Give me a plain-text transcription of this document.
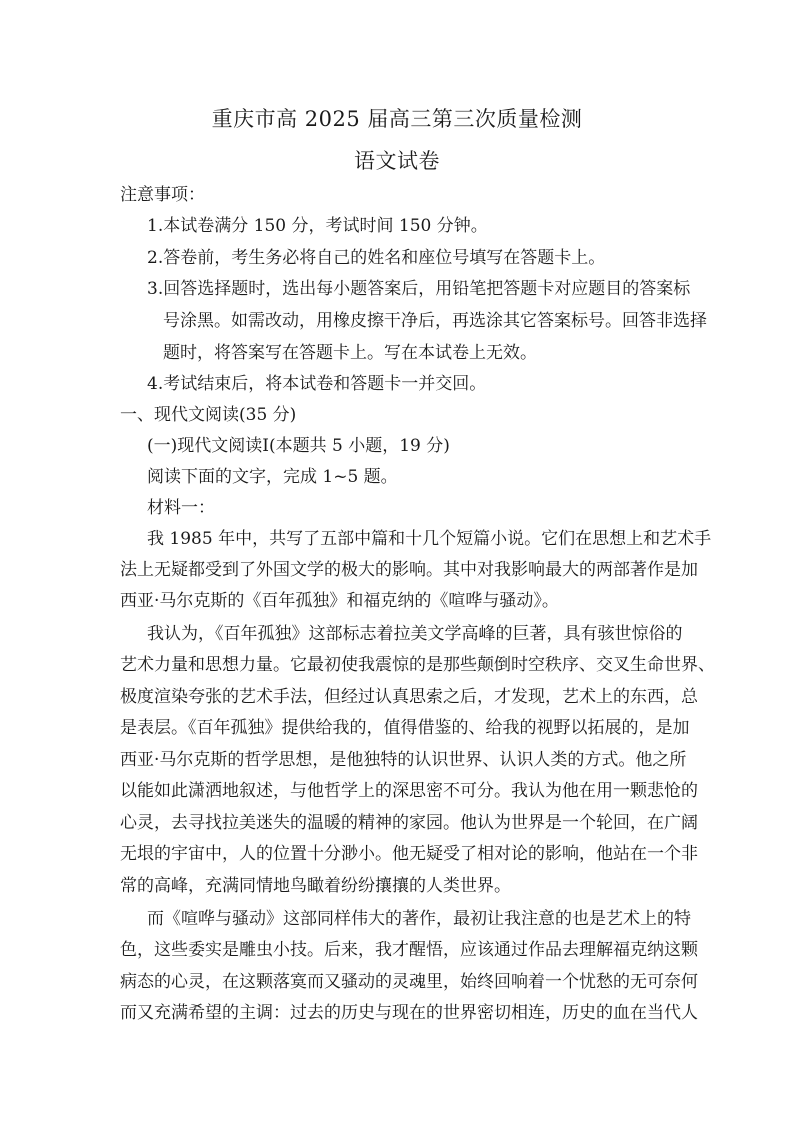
重庆市高 2025 届高三第三次质量检测
语文试卷
注意事项：
1.本试卷满分 150 分，考试时间 150 分钟。
2.答卷前，考生务必将自己的姓名和座位号填写在答题卡上。
3.回答选择题时，选出每小题答案后，用铅笔把答题卡对应题目的答案标
号涂黑。如需改动，用橡皮擦干净后，再选涂其它答案标号。回答非选择
题时，将答案写在答题卡上。写在本试卷上无效。
4.考试结束后，将本试卷和答题卡一并交回。
一、现代文阅读(35 分)
(一)现代文阅读Ⅰ(本题共 5 小题，19 分)
阅读下面的文字，完成 1~5 题。
材料一：
我 1985 年中，共写了五部中篇和十几个短篇小说。它们在思想上和艺术手
法上无疑都受到了外国文学的极大的影响。其中对我影响最大的两部著作是加
西亚·马尔克斯的《百年孤独》和福克纳的《喧哗与骚动》。
我认为，《百年孤独》这部标志着拉美文学高峰的巨著，具有骇世惊俗的
艺术力量和思想力量。它最初使我震惊的是那些颠倒时空秩序、交叉生命世界、
极度渲染夸张的艺术手法，但经过认真思索之后，才发现，艺术上的东西，总
是表层。《百年孤独》提供给我的，值得借鉴的、给我的视野以拓展的，是加
西亚·马尔克斯的哲学思想，是他独特的认识世界、认识人类的方式。他之所
以能如此潇洒地叙述，与他哲学上的深思密不可分。我认为他在用一颗悲怆的
心灵，去寻找拉美迷失的温暖的精神的家园。他认为世界是一个轮回，在广阔
无垠的宇宙中，人的位置十分渺小。他无疑受了相对论的影响，他站在一个非
常的高峰，充满同情地鸟瞰着纷纷攘攘的人类世界。
而《喧哗与骚动》这部同样伟大的著作，最初让我注意的也是艺术上的特
色，这些委实是雕虫小技。后来，我才醒悟，应该通过作品去理解福克纳这颗
病态的心灵，在这颗落寞而又骚动的灵魂里，始终回响着一个忧愁的无可奈何
而又充满希望的主调：过去的历史与现在的世界密切相连，历史的血在当代人
